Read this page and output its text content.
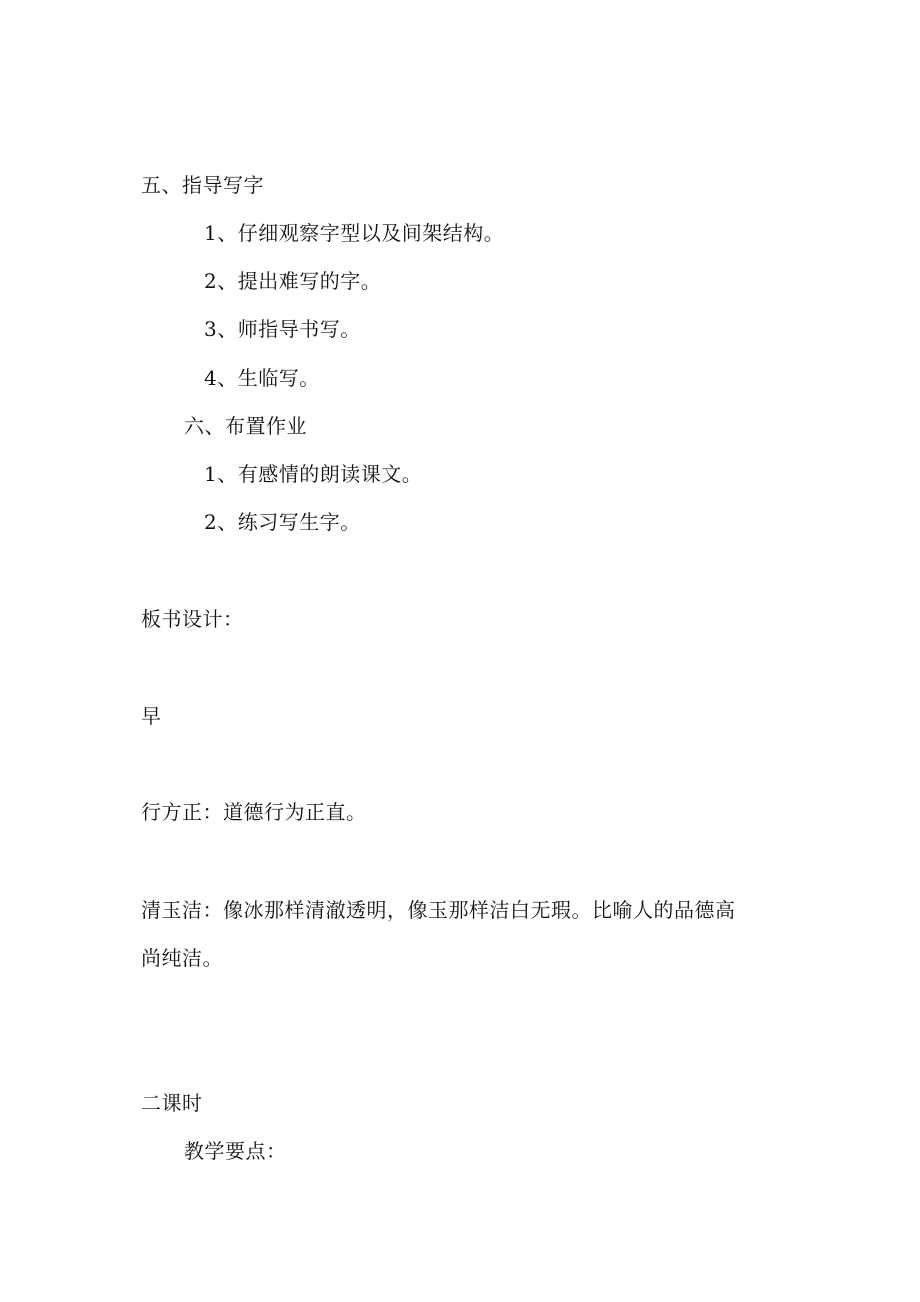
五、指导写字
1、仔细观察字型以及间架结构。
2、提出难写的字。
3、师指导书写。
4、生临写。
六、布置作业
1、有感情的朗读课文。
2、练习写生字。
板书设计：
早
行方正：道德行为正直。
清玉洁：像冰那样清澈透明，像玉那样洁白无瑕。比喻人的品德高
尚纯洁。
二课时
教学要点：
